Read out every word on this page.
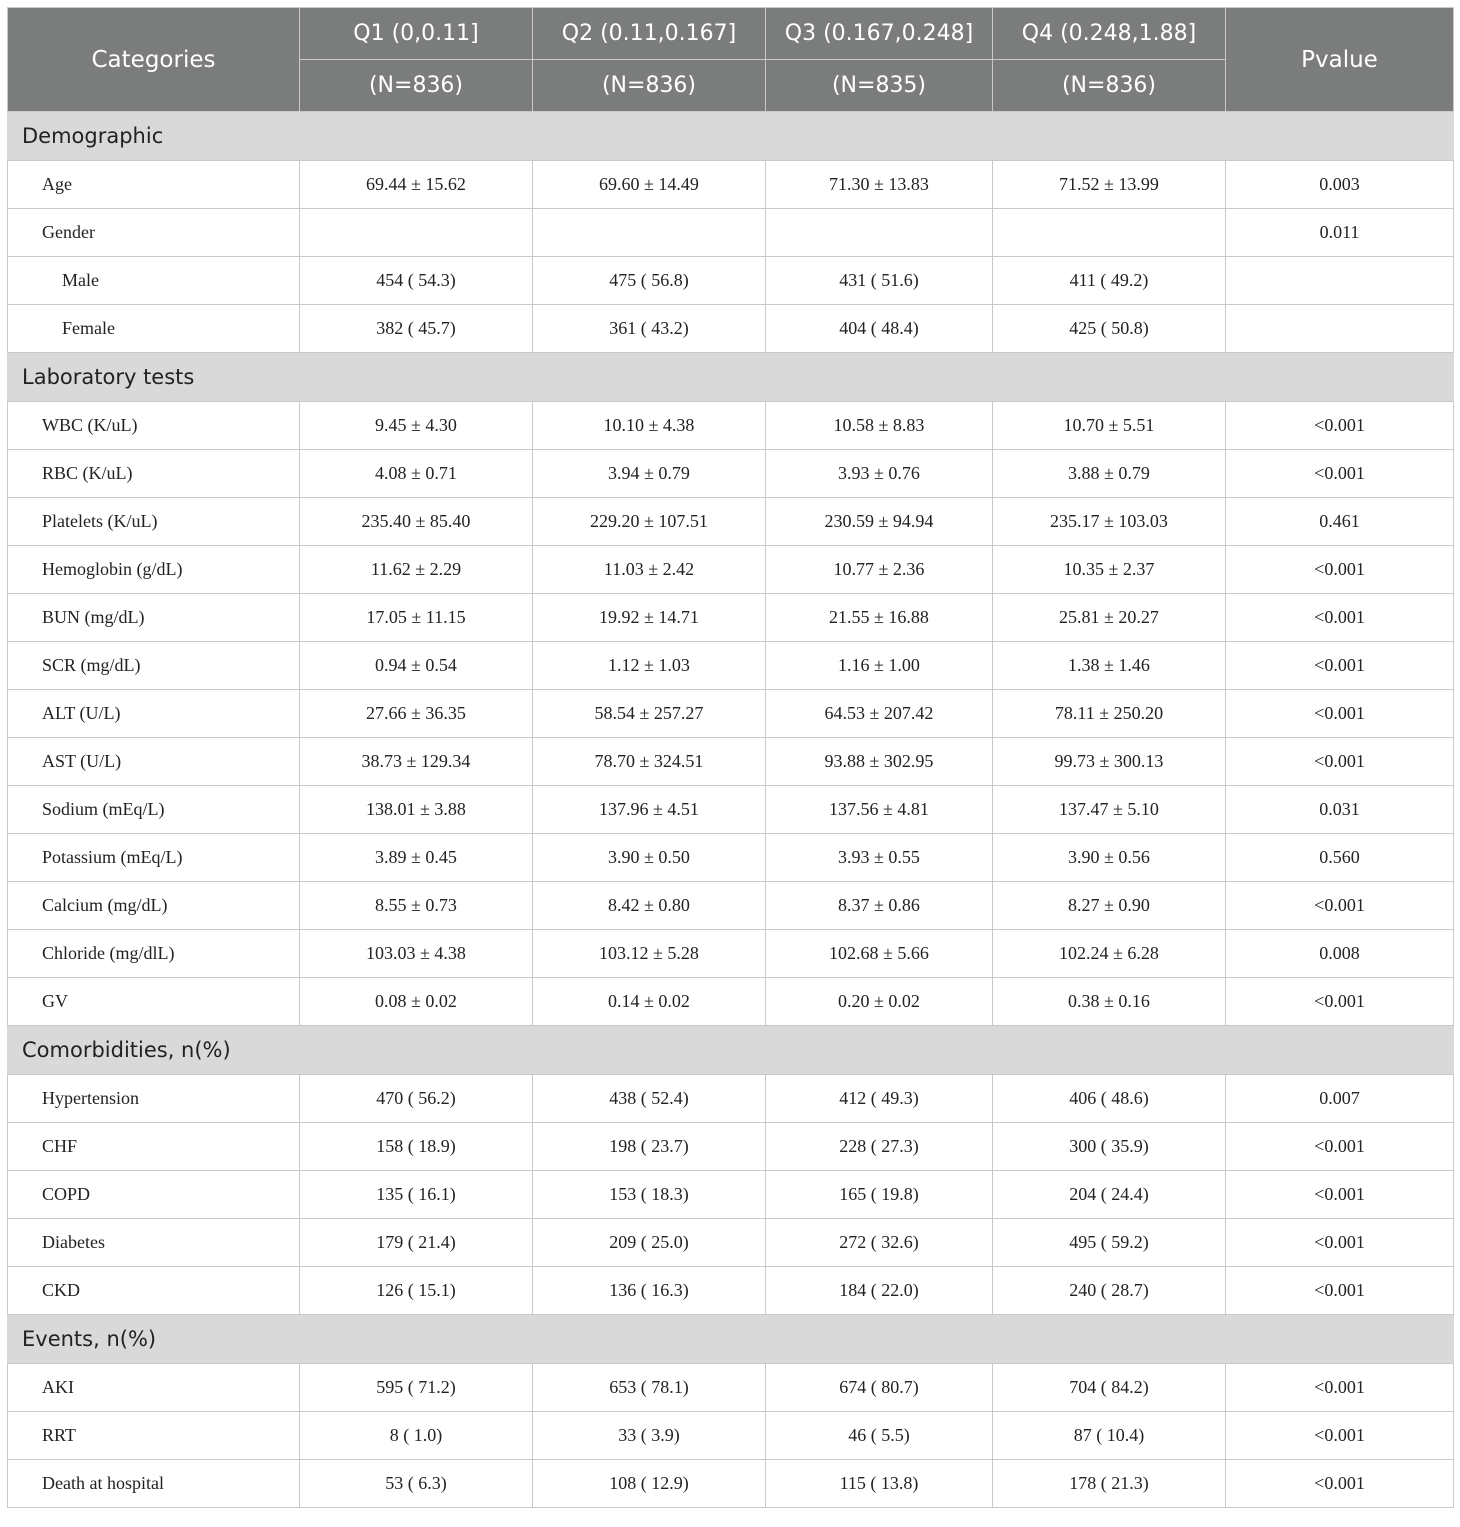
Categories	Q1 (0,0.11]	Q2 (0.11,0.167]	Q3 (0.167,0.248]	Q4 (0.248,1.88]	Pvalue
	(N=836)	(N=836)	(N=835)	(N=836)	
Demographic					
Age	69.44 ± 15.62	69.60 ± 14.49	71.30 ± 13.83	71.52 ± 13.99	0.003
Gender					0.011
Male	454 ( 54.3)	475 ( 56.8)	431 ( 51.6)	411 ( 49.2)	
Female	382 ( 45.7)	361 ( 43.2)	404 ( 48.4)	425 ( 50.8)	
Laboratory tests					
WBC (K/uL)	9.45 ± 4.30	10.10 ± 4.38	10.58 ± 8.83	10.70 ± 5.51	<0.001
RBC (K/uL)	4.08 ± 0.71	3.94 ± 0.79	3.93 ± 0.76	3.88 ± 0.79	<0.001
Platelets (K/uL)	235.40 ± 85.40	229.20 ± 107.51	230.59 ± 94.94	235.17 ± 103.03	0.461
Hemoglobin (g/dL)	11.62 ± 2.29	11.03 ± 2.42	10.77 ± 2.36	10.35 ± 2.37	<0.001
BUN (mg/dL)	17.05 ± 11.15	19.92 ± 14.71	21.55 ± 16.88	25.81 ± 20.27	<0.001
SCR (mg/dL)	0.94 ± 0.54	1.12 ± 1.03	1.16 ± 1.00	1.38 ± 1.46	<0.001
ALT (U/L)	27.66 ± 36.35	58.54 ± 257.27	64.53 ± 207.42	78.11 ± 250.20	<0.001
AST (U/L)	38.73 ± 129.34	78.70 ± 324.51	93.88 ± 302.95	99.73 ± 300.13	<0.001
Sodium (mEq/L)	138.01 ± 3.88	137.96 ± 4.51	137.56 ± 4.81	137.47 ± 5.10	0.031
Potassium (mEq/L)	3.89 ± 0.45	3.90 ± 0.50	3.93 ± 0.55	3.90 ± 0.56	0.560
Calcium (mg/dL)	8.55 ± 0.73	8.42 ± 0.80	8.37 ± 0.86	8.27 ± 0.90	<0.001
Chloride (mg/dlL)	103.03 ± 4.38	103.12 ± 5.28	102.68 ± 5.66	102.24 ± 6.28	0.008
GV	0.08 ± 0.02	0.14 ± 0.02	0.20 ± 0.02	0.38 ± 0.16	<0.001
Comorbidities, n(%)					
Hypertension	470 ( 56.2)	438 ( 52.4)	412 ( 49.3)	406 ( 48.6)	0.007
CHF	158 ( 18.9)	198 ( 23.7)	228 ( 27.3)	300 ( 35.9)	<0.001
COPD	135 ( 16.1)	153 ( 18.3)	165 ( 19.8)	204 ( 24.4)	<0.001
Diabetes	179 ( 21.4)	209 ( 25.0)	272 ( 32.6)	495 ( 59.2)	<0.001
CKD	126 ( 15.1)	136 ( 16.3)	184 ( 22.0)	240 ( 28.7)	<0.001
Events, n(%)					
AKI	595 ( 71.2)	653 ( 78.1)	674 ( 80.7)	704 ( 84.2)	<0.001
RRT	8 ( 1.0)	33 ( 3.9)	46 ( 5.5)	87 ( 10.4)	<0.001
Death at hospital	53 ( 6.3)	108 ( 12.9)	115 ( 13.8)	178 ( 21.3)	<0.001
